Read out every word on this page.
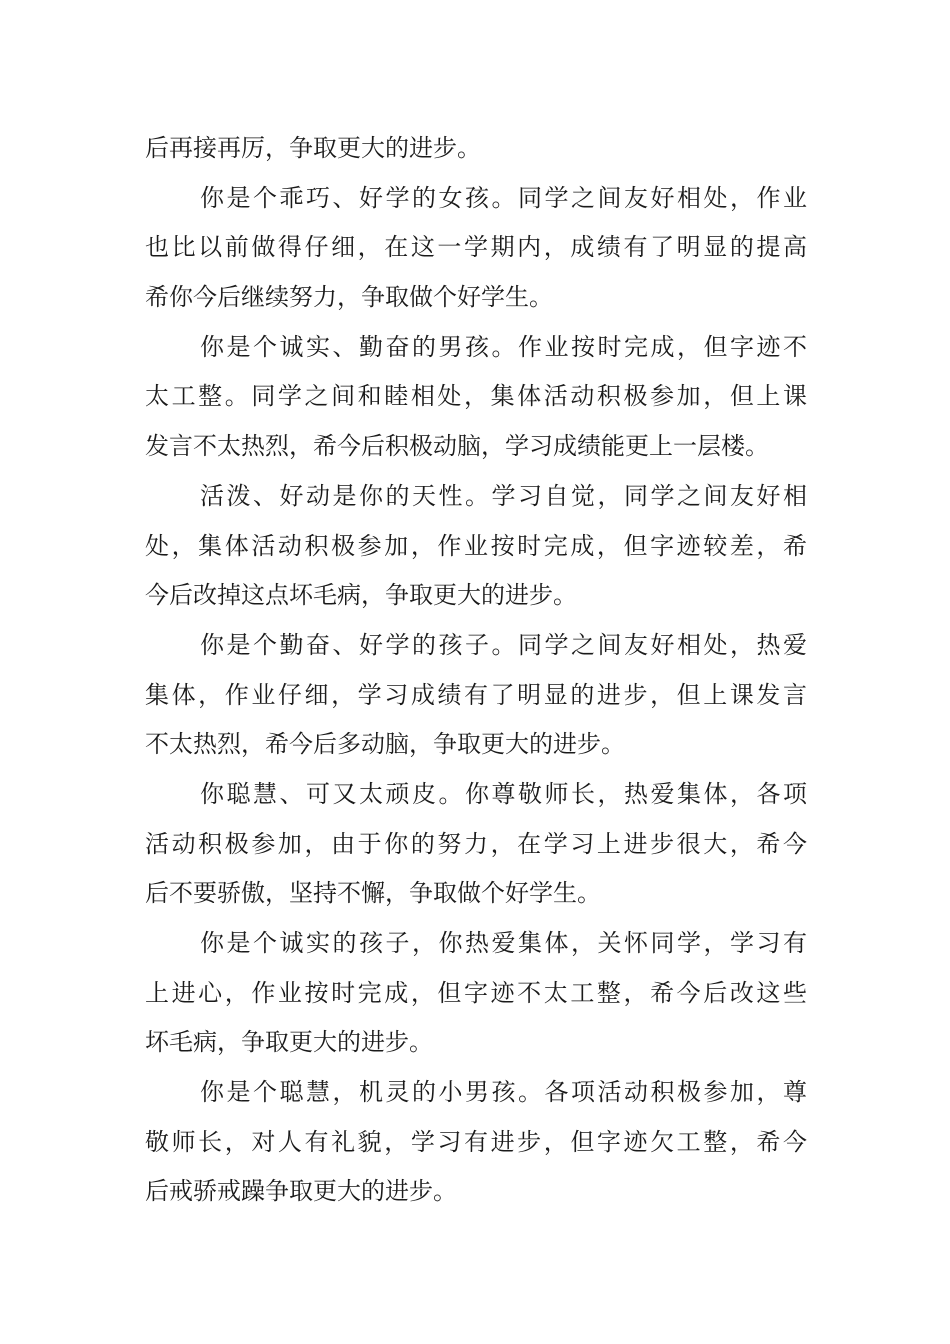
后再接再厉，争取更大的进步。
你是个乖巧、好学的女孩。同学之间友好相处，作业
也比以前做得仔细，在这一学期内，成绩有了明显的提高
希你今后继续努力，争取做个好学生。
你是个诚实、勤奋的男孩。作业按时完成，但字迹不
太工整。同学之间和睦相处，集体活动积极参加，但上课
发言不太热烈，希今后积极动脑，学习成绩能更上一层楼。
活泼、好动是你的天性。学习自觉，同学之间友好相
处，集体活动积极参加，作业按时完成，但字迹较差，希
今后改掉这点坏毛病，争取更大的进步。
你是个勤奋、好学的孩子。同学之间友好相处，热爱
集体，作业仔细，学习成绩有了明显的进步，但上课发言
不太热烈，希今后多动脑，争取更大的进步。
你聪慧、可又太顽皮。你尊敬师长，热爱集体，各项
活动积极参加，由于你的努力，在学习上进步很大，希今
后不要骄傲，坚持不懈，争取做个好学生。
你是个诚实的孩子，你热爱集体，关怀同学，学习有
上进心，作业按时完成，但字迹不太工整，希今后改这些
坏毛病，争取更大的进步。
你是个聪慧，机灵的小男孩。各项活动积极参加，尊
敬师长，对人有礼貌，学习有进步，但字迹欠工整，希今
后戒骄戒躁争取更大的进步。
